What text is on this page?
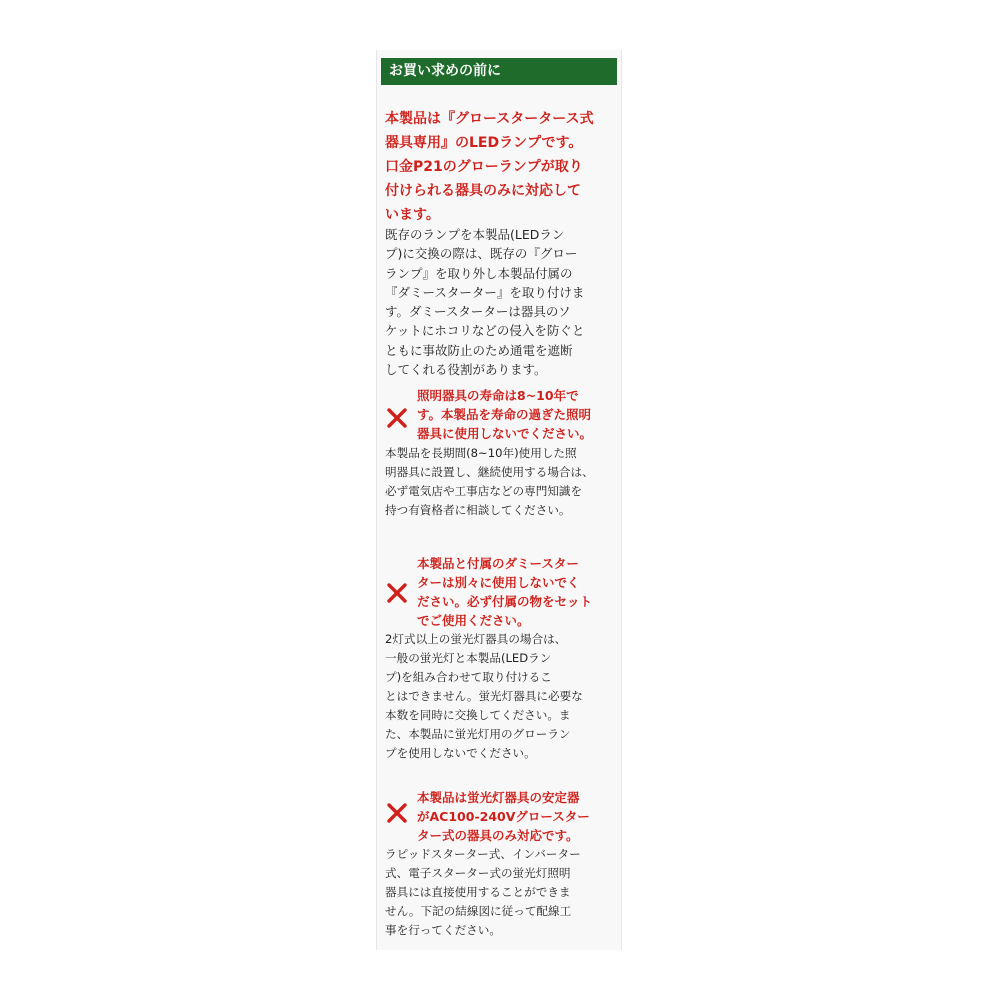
お買い求めの前に

本製品は『グロースタータース式
器具専用』のLEDランプです。
口金P21のグローランプが取り
付けられる器具のみに対応して
います。

既存のランプを本製品(LEDラン
プ)に交換の際は、既存の『グロー
ランプ』を取り外し本製品付属の
『ダミースターター』を取り付けま
す。ダミースターターは器具のソ
ケットにホコリなどの侵入を防ぐと
ともに事故防止のため通電を遮断
してくれる役割があります。

照明器具の寿命は8~10年で
す。本製品を寿命の過ぎた照明
器具に使用しないでください。

本製品を長期間(8~10年)使用した照
明器具に設置し、継続使用する場合は、
必ず電気店や工事店などの専門知識を
持つ有資格者に相談してください。

本製品と付属のダミースター
ターは別々に使用しないでく
ださい。必ず付属の物をセット
でご使用ください。

2灯式以上の蛍光灯器具の場合は、
一般の蛍光灯と本製品(LEDラン
プ)を組み合わせて取り付けるこ
とはできません。蛍光灯器具に必要な
本数を同時に交換してください。ま
た、本製品に蛍光灯用のグローラン
プを使用しないでください。

本製品は蛍光灯器具の安定器
がAC100-240Vグロースター
ター式の器具のみ対応です。

ラピッドスターター式、インバーター
式、電子スターター式の蛍光灯照明
器具には直接使用することができま
せん。下記の結線図に従って配線工
事を行ってください。
